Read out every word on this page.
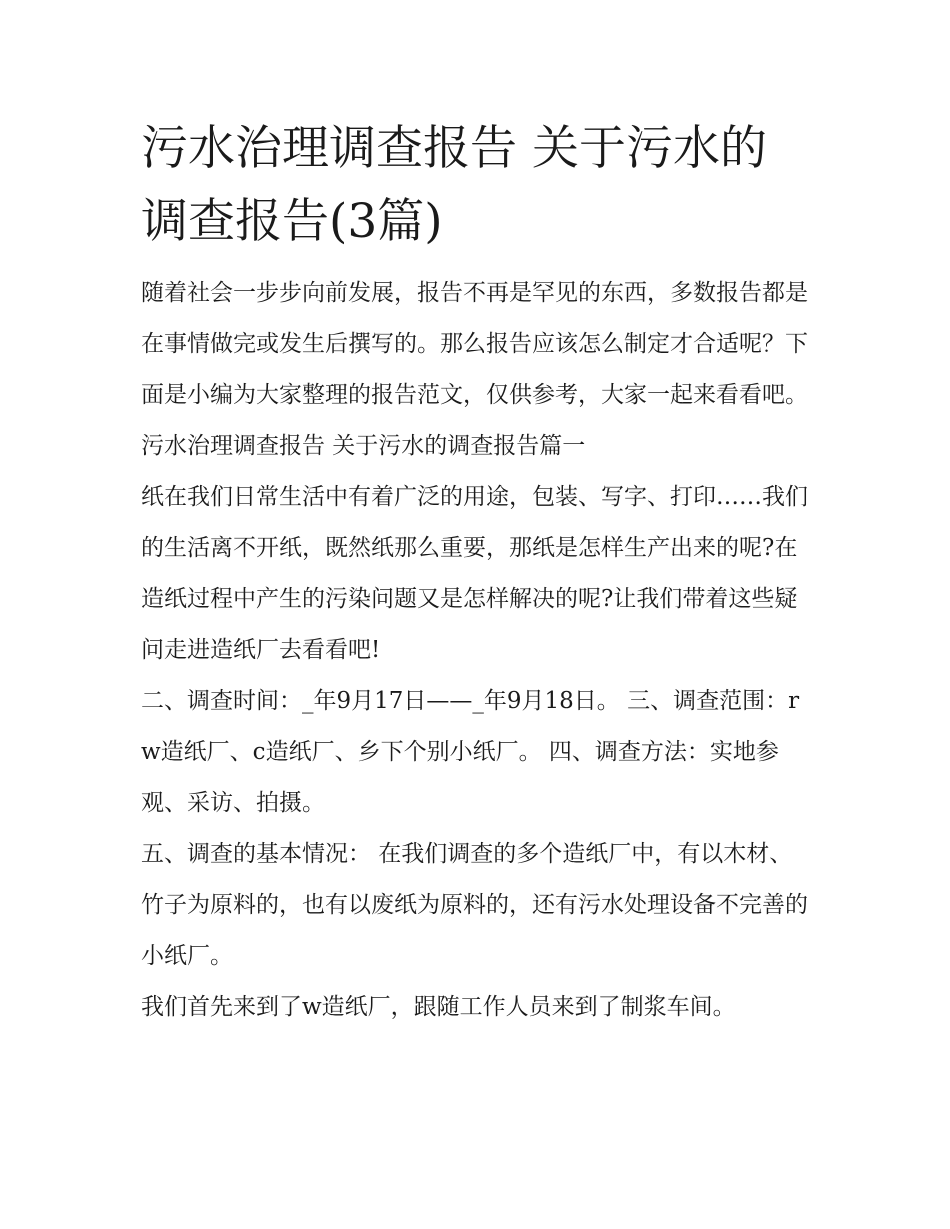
污水治理调查报告 关于污水的调查报告(3篇)

随着社会一步步向前发展，报告不再是罕见的东西，多数报告都是在事情做完或发生后撰写的。那么报告应该怎么制定才合适呢？下面是小编为大家整理的报告范文，仅供参考，大家一起来看看吧。

污水治理调查报告 关于污水的调查报告篇一

纸在我们日常生活中有着广泛的用途，包装、写字、打印……我们的生活离不开纸，既然纸那么重要，那纸是怎样生产出来的呢?在造纸过程中产生的污染问题又是怎样解决的呢?让我们带着这些疑问走进造纸厂去看看吧!

二、调查时间：_年9月17日——_年9月18日。 三、调查范围：rw造纸厂、c造纸厂、乡下个别小纸厂。 四、调查方法：实地参观、采访、拍摄。

五、调查的基本情况： 在我们调查的多个造纸厂中，有以木材、竹子为原料的，也有以废纸为原料的，还有污水处理设备不完善的小纸厂。

我们首先来到了w造纸厂，跟随工作人员来到了制浆车间。
